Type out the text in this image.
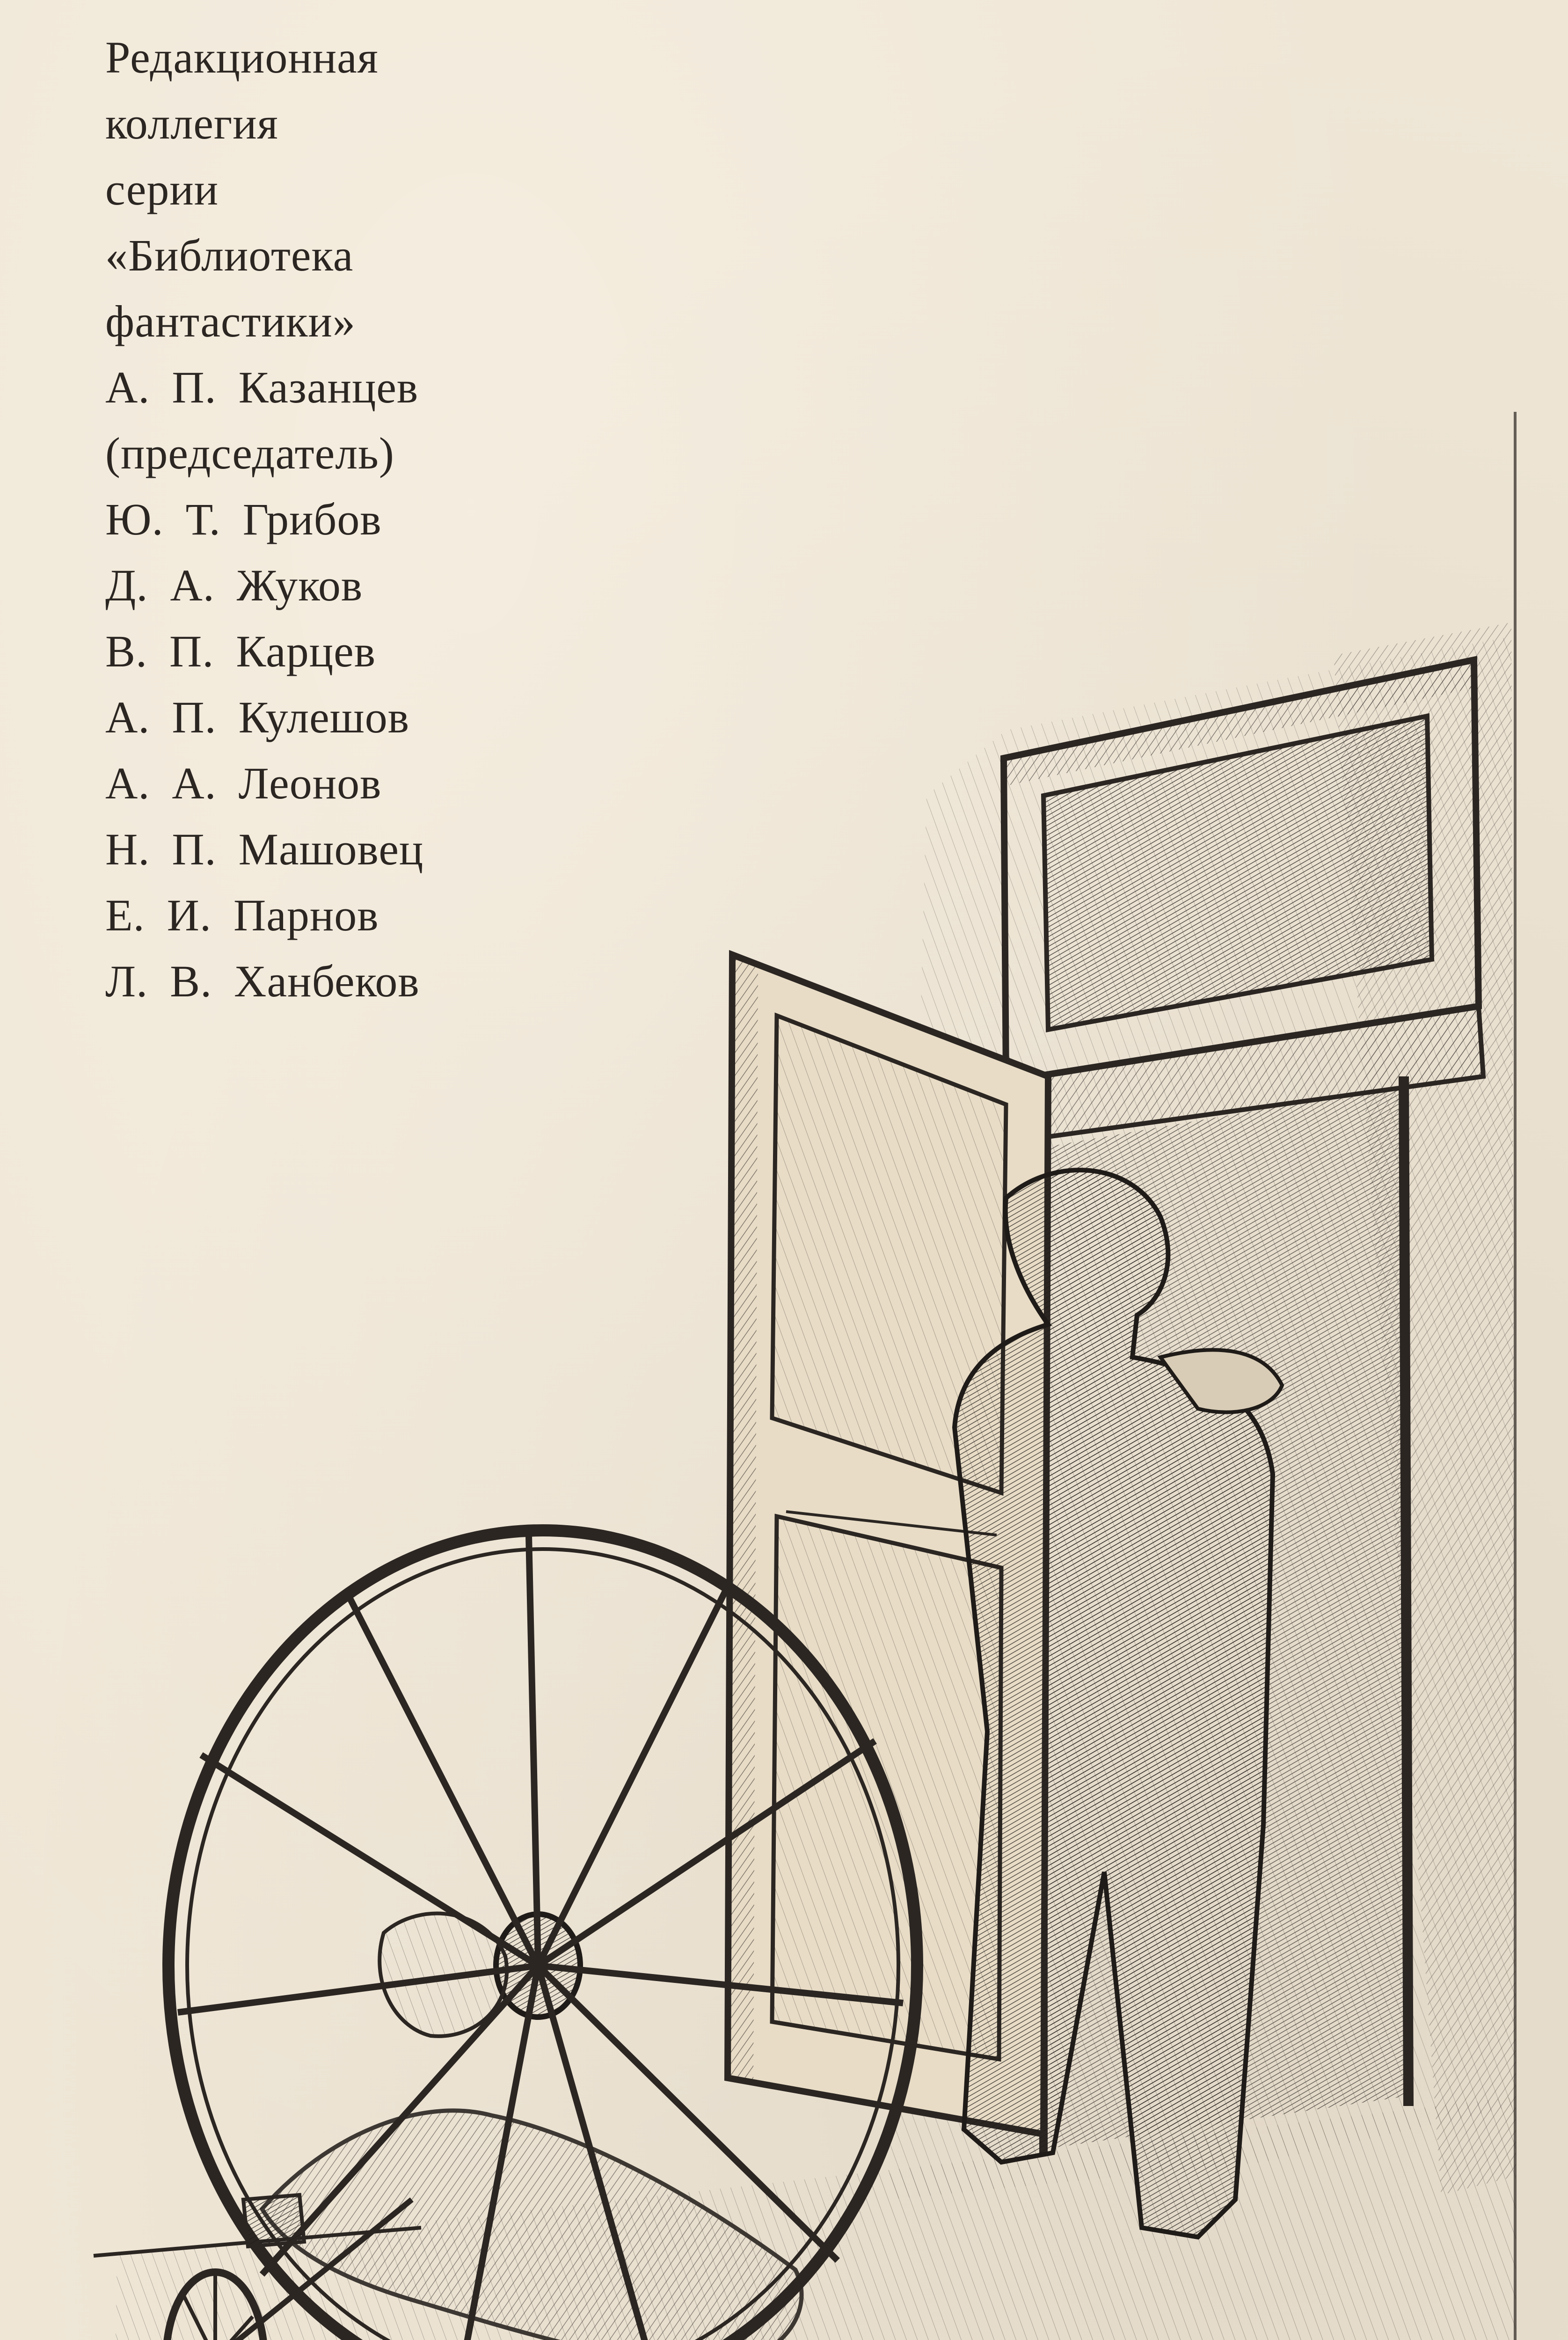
Редакционная
коллегия
серии
«Библиотека
фантастики»
А. П. Казанцев
(председатель)
Ю. Т. Грибов
Д. А. Жуков
В. П. Карцев
А. П. Кулешов
А. А. Леонов
Н. П. Машовец
Е. И. Парнов
Л. В. Ханбеков
